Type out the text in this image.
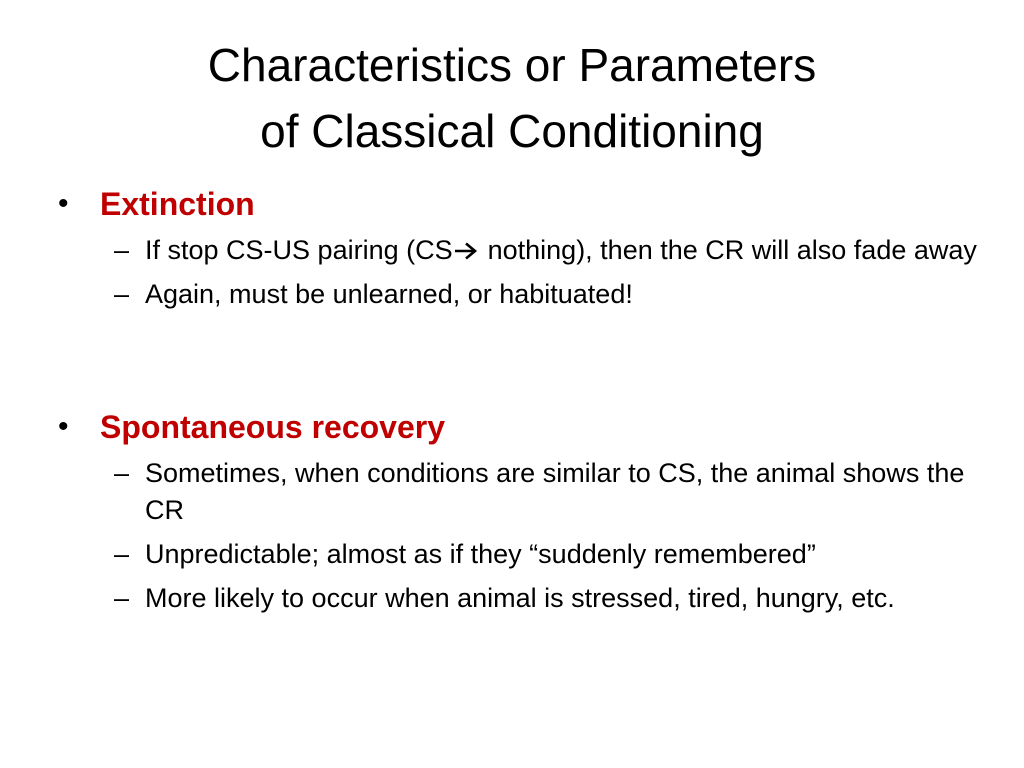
Characteristics or Parameters
of Classical Conditioning
• Extinction
– If stop CS-US pairing (CS nothing), then the CR will also fade away
– Again, must be unlearned, or habituated!
• Spontaneous recovery
– Sometimes, when conditions are similar to CS, the animal shows the CR
– Unpredictable; almost as if they “suddenly remembered”
– More likely to occur when animal is stressed, tired, hungry, etc.
